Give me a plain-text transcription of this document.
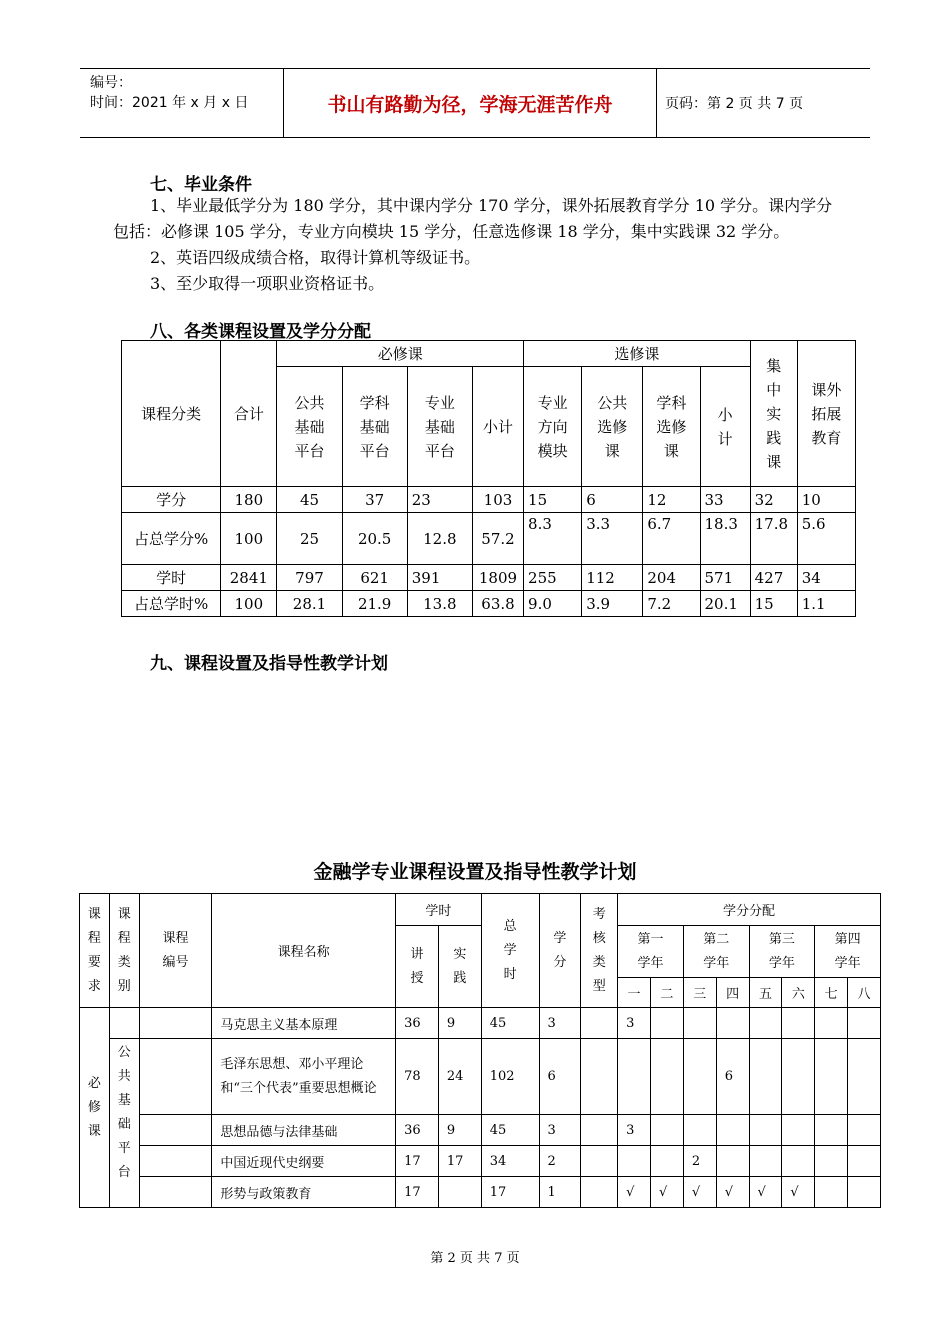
编号：
时间：2021 年 x 月 x 日	书山有路勤为径，学海无涯苦作舟	页码：第 2 页 共 7 页
七、毕业条件

1、毕业最低学分为 180 学分，其中课内学分 170 学分，课外拓展教育学分 10 学分。课内学分包括：必修课 105 学分，专业方向模块 15 学分，任意选修课 18 学分，集中实践课 32 学分。

2、英语四级成绩合格，取得计算机等级证书。

3、至少取得一项职业资格证书。

八、各类课程设置及学分分配
课程分类	合计	必修课				选修课				集中实践课	课外拓展教育

		公共基础平台	学科基础平台	专业基础平台	小计	专业方向模块	公共选修课	学科选修课	小计		

学分	180	45	37	23	103	15	6	12	33	32	10
占总学分%	100	25	20.5	12.8	57.2	8.3	3.3	6.7	18.3	17.8	5.6
学时	2841	797	621	391	1809	255	112	204	571	427	34
占总学时%	100	28.1	21.9	13.8	63.8	9.0	3.9	7.2	20.1	15	1.1
九、课程设置及指导性教学计划
金融学专业课程设置及指导性教学计划
课程要求	课程类别	课程编号	课程名称	学时		总学时	学分	考核类型	学分分配							

				讲授	实践				第一学年		第二学年		第三学年		第四学年	

									一	二	三	四	五	六	七	八

必修课			马克思主义基本原理	36	9	45	3		3							

	公共基础平台		毛泽东思想、邓小平理论和“三个代表”重要思想概论	78	24	102	6					6				
			思想品德与法律基础	36	9	45	3		3							
			中国近现代史纲要	17	17	34	2				2					
			形势与政策教育	17		17	1		√	√	√	√	√	√		
第 2 页 共 7 页
